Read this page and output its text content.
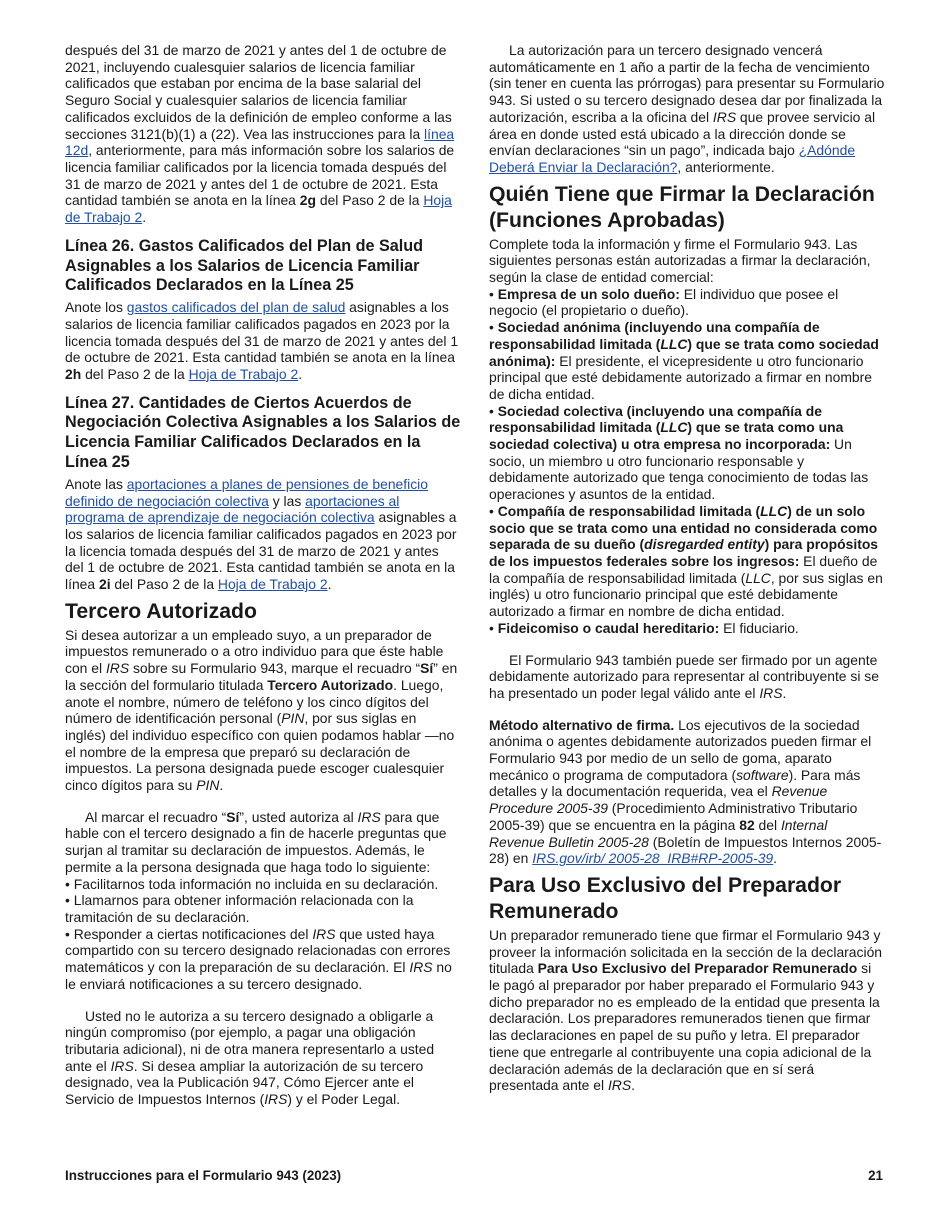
después del 31 de marzo de 2021 y antes del 1 de octubre de 2021, incluyendo cualesquier salarios de licencia familiar calificados que estaban por encima de la base salarial del Seguro Social y cualesquier salarios de licencia familiar calificados excluidos de la definición de empleo conforme a las secciones 3121(b)(1) a (22). Vea las instrucciones para la línea 12d, anteriormente, para más información sobre los salarios de licencia familiar calificados por la licencia tomada después del 31 de marzo de 2021 y antes del 1 de octubre de 2021. Esta cantidad también se anota en la línea 2g del Paso 2 de la Hoja de Trabajo 2.

Línea 26. Gastos Calificados del Plan de Salud Asignables a los Salarios de Licencia Familiar Calificados Declarados en la Línea 25

Anote los gastos calificados del plan de salud asignables a los salarios de licencia familiar calificados pagados en 2023 por la licencia tomada después del 31 de marzo de 2021 y antes del 1 de octubre de 2021. Esta cantidad también se anota en la línea 2h del Paso 2 de la Hoja de Trabajo 2.

Línea 27. Cantidades de Ciertos Acuerdos de Negociación Colectiva Asignables a los Salarios de Licencia Familiar Calificados Declarados en la Línea 25

Anote las aportaciones a planes de pensiones de beneficio definido de negociación colectiva y las aportaciones al programa de aprendizaje de negociación colectiva asignables a los salarios de licencia familiar calificados pagados en 2023 por la licencia tomada después del 31 de marzo de 2021 y antes del 1 de octubre de 2021. Esta cantidad también se anota en la línea 2i del Paso 2 de la Hoja de Trabajo 2.

Tercero Autorizado

Si desea autorizar a un empleado suyo, a un preparador de impuestos remunerado o a otro individuo para que éste hable con el IRS sobre su Formulario 943, marque el recuadro “Sí” en la sección del formulario titulada Tercero Autorizado. Luego, anote el nombre, número de teléfono y los cinco dígitos del número de identificación personal (PIN, por sus siglas en inglés) del individuo específico con quien podamos hablar —no el nombre de la empresa que preparó su declaración de impuestos. La persona designada puede escoger cualesquier cinco dígitos para su PIN.

Al marcar el recuadro “Sí”, usted autoriza al IRS para que hable con el tercero designado a fin de hacerle preguntas que surjan al tramitar su declaración de impuestos. Además, le permite a la persona designada que haga todo lo siguiente:

• Facilitarnos toda información no incluida en su declaración.

• Llamarnos para obtener información relacionada con la tramitación de su declaración.

• Responder a ciertas notificaciones del IRS que usted haya compartido con su tercero designado relacionadas con errores matemáticos y con la preparación de su declaración. El IRS no le enviará notificaciones a su tercero designado.

Usted no le autoriza a su tercero designado a obligarle a ningún compromiso (por ejemplo, a pagar una obligación tributaria adicional), ni de otra manera representarlo a usted ante el IRS. Si desea ampliar la autorización de su tercero designado, vea la Publicación 947, Cómo Ejercer ante el Servicio de Impuestos Internos (IRS) y el Poder Legal.

La autorización para un tercero designado vencerá automáticamente en 1 año a partir de la fecha de vencimiento (sin tener en cuenta las prórrogas) para presentar su Formulario 943. Si usted o su tercero designado desea dar por finalizada la autorización, escriba a la oficina del IRS que provee servicio al área en donde usted está ubicado a la dirección donde se envían declaraciones “sin un pago”, indicada bajo ¿Adónde Deberá Enviar la Declaración?, anteriormente.

Quién Tiene que Firmar la Declaración (Funciones Aprobadas)

Complete toda la información y firme el Formulario 943. Las siguientes personas están autorizadas a firmar la declaración, según la clase de entidad comercial:

• Empresa de un solo dueño: El individuo que posee el negocio (el propietario o dueño).

• Sociedad anónima (incluyendo una compañía de responsabilidad limitada (LLC) que se trata como sociedad anónima): El presidente, el vicepresidente u otro funcionario principal que esté debidamente autorizado a firmar en nombre de dicha entidad.

• Sociedad colectiva (incluyendo una compañía de responsabilidad limitada (LLC) que se trata como una sociedad colectiva) u otra empresa no incorporada: Un socio, un miembro u otro funcionario responsable y debidamente autorizado que tenga conocimiento de todas las operaciones y asuntos de la entidad.

• Compañía de responsabilidad limitada (LLC) de un solo socio que se trata como una entidad no considerada como separada de su dueño (disregarded entity) para propósitos de los impuestos federales sobre los ingresos: El dueño de la compañía de responsabilidad limitada (LLC, por sus siglas en inglés) u otro funcionario principal que esté debidamente autorizado a firmar en nombre de dicha entidad.

• Fideicomiso o caudal hereditario: El fiduciario.

El Formulario 943 también puede ser firmado por un agente debidamente autorizado para representar al contribuyente si se ha presentado un poder legal válido ante el IRS.

Método alternativo de firma. Los ejecutivos de la sociedad anónima o agentes debidamente autorizados pueden firmar el Formulario 943 por medio de un sello de goma, aparato mecánico o programa de computadora (software). Para más detalles y la documentación requerida, vea el Revenue Procedure 2005-39 (Procedimiento Administrativo Tributario 2005-39) que se encuentra en la página 82 del Internal Revenue Bulletin 2005-28 (Boletín de Impuestos Internos 2005-28) en IRS.gov/irb/ 2005-28_IRB#RP-2005-39.

Para Uso Exclusivo del Preparador Remunerado

Un preparador remunerado tiene que firmar el Formulario 943 y proveer la información solicitada en la sección de la declaración titulada Para Uso Exclusivo del Preparador Remunerado si le pagó al preparador por haber preparado el Formulario 943 y dicho preparador no es empleado de la entidad que presenta la declaración. Los preparadores remunerados tienen que firmar las declaraciones en papel de su puño y letra. El preparador tiene que entregarle al contribuyente una copia adicional de la declaración además de la declaración que en sí será presentada ante el IRS.

Instrucciones para el Formulario 943 (2023)	21
